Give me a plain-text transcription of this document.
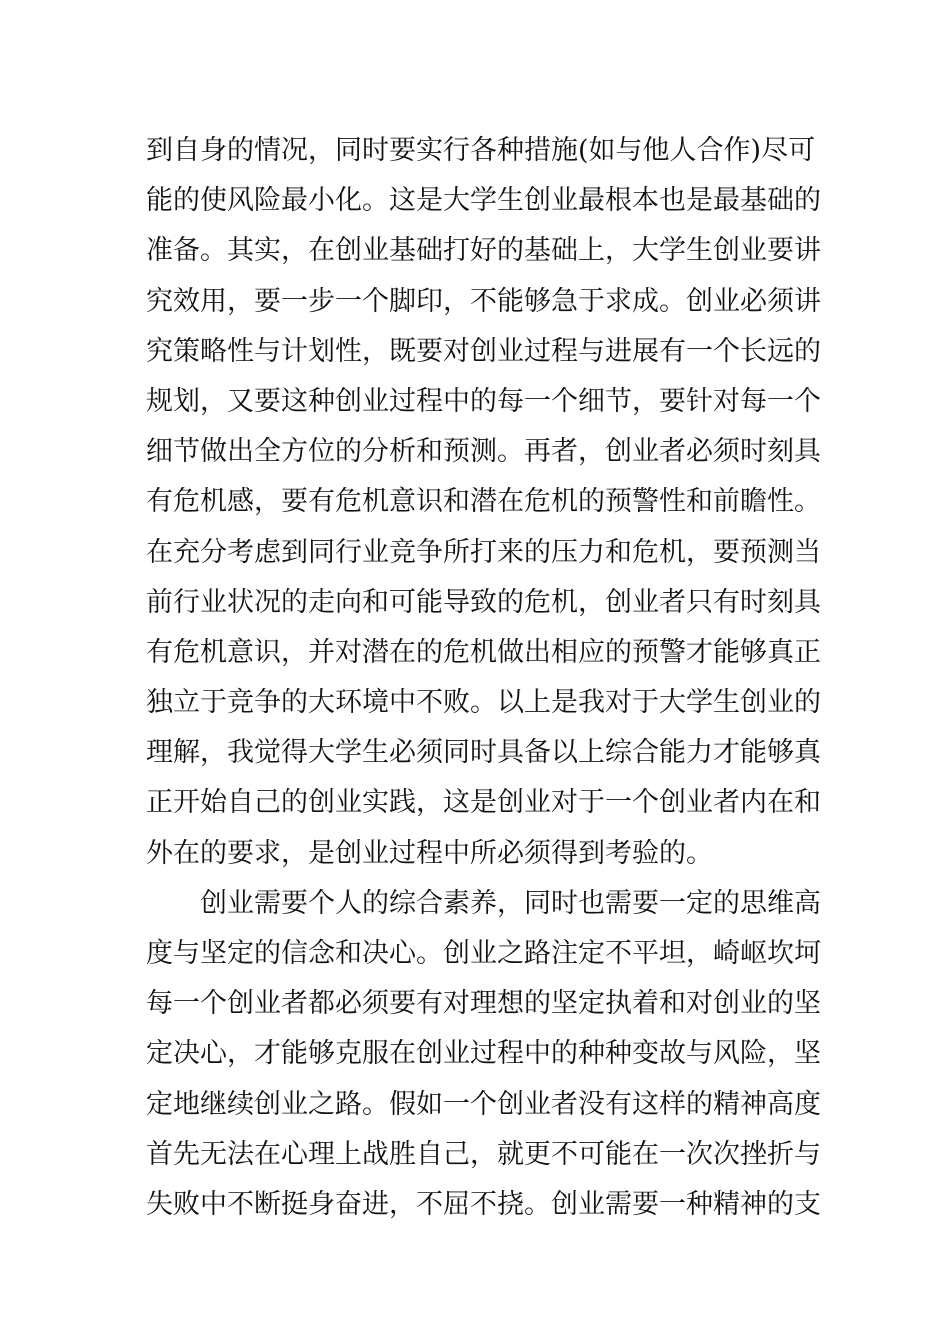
到自身的情况，同时要实行各种措施(如与他人合作)尽可
能的使风险最小化。这是大学生创业最根本也是最基础的
准备。其实，在创业基础打好的基础上，大学生创业要讲
究效用，要一步一个脚印，不能够急于求成。创业必须讲
究策略性与计划性，既要对创业过程与进展有一个长远的
规划，又要这种创业过程中的每一个细节，要针对每一个
细节做出全方位的分析和预测。再者，创业者必须时刻具
有危机感，要有危机意识和潜在危机的预警性和前瞻性。
在充分考虑到同行业竞争所打来的压力和危机，要预测当
前行业状况的走向和可能导致的危机，创业者只有时刻具
有危机意识，并对潜在的危机做出相应的预警才能够真正
独立于竞争的大环境中不败。以上是我对于大学生创业的
理解，我觉得大学生必须同时具备以上综合能力才能够真
正开始自己的创业实践，这是创业对于一个创业者内在和
外在的要求，是创业过程中所必须得到考验的。
创业需要个人的综合素养，同时也需要一定的思维高
度与坚定的信念和决心。创业之路注定不平坦，崎岖坎坷
每一个创业者都必须要有对理想的坚定执着和对创业的坚
定决心，才能够克服在创业过程中的种种变故与风险，坚
定地继续创业之路。假如一个创业者没有这样的精神高度
首先无法在心理上战胜自己，就更不可能在一次次挫折与
失败中不断挺身奋进，不屈不挠。创业需要一种精神的支
